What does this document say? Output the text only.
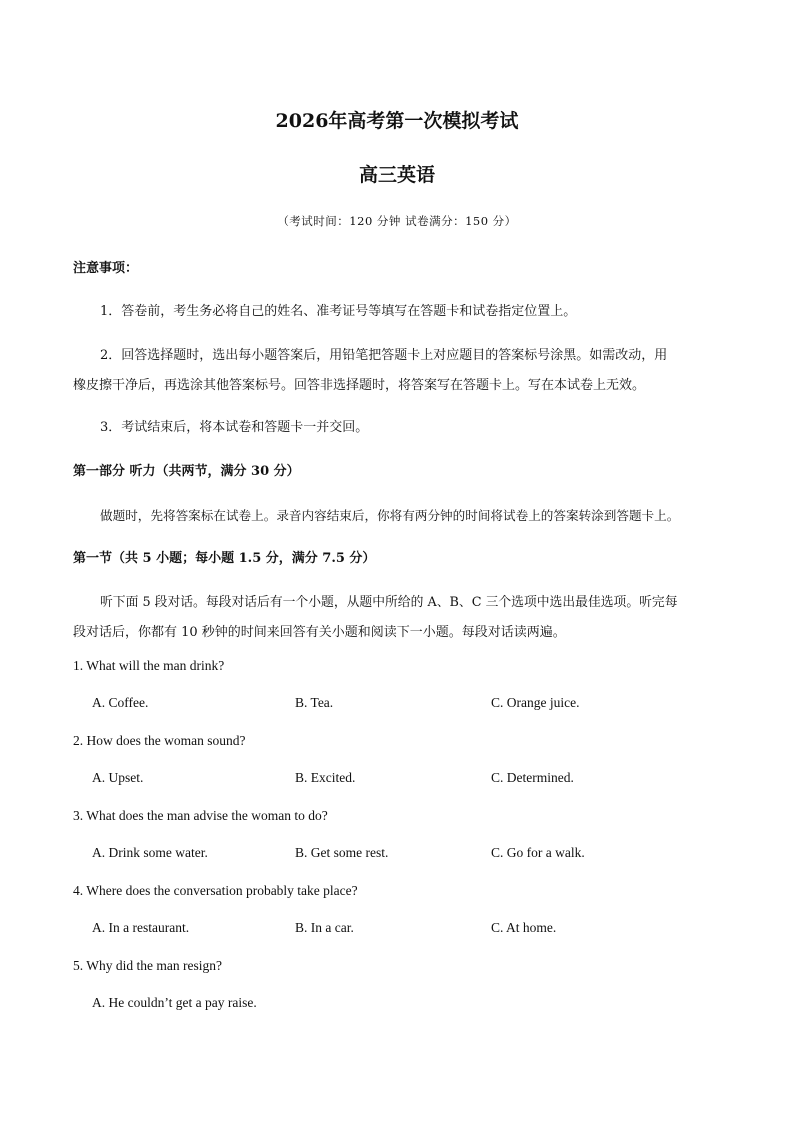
2026年高考第一次模拟考试
高三英语
（考试时间：120 分钟 试卷满分：150 分）
注意事项：
1．答卷前，考生务必将自己的姓名、准考证号等填写在答题卡和试卷指定位置上。
2．回答选择题时，选出每小题答案后，用铅笔把答题卡上对应题目的答案标号涂黑。如需改动，用
橡皮擦干净后，再选涂其他答案标号。回答非选择题时，将答案写在答题卡上。写在本试卷上无效。
3．考试结束后，将本试卷和答题卡一并交回。
第一部分 听力（共两节，满分 30 分）
做题时，先将答案标在试卷上。录音内容结束后，你将有两分钟的时间将试卷上的答案转涂到答题卡上。
第一节（共 5 小题；每小题 1.5 分，满分 7.5 分）
听下面 5 段对话。每段对话后有一个小题，从题中所给的 A、B、C 三个选项中选出最佳选项。听完每
段对话后，你都有 10 秒钟的时间来回答有关小题和阅读下一小题。每段对话读两遍。
1. What will the man drink?
A. Coffee.	B. Tea.	C. Orange juice.
2. How does the woman sound?
A. Upset.	B. Excited.	C. Determined.
3. What does the man advise the woman to do?
A. Drink some water.	B. Get some rest.	C. Go for a walk.
4. Where does the conversation probably take place?
A. In a restaurant.	B. In a car.	C. At home.
5. Why did the man resign?
A. He couldn’t get a pay raise.
